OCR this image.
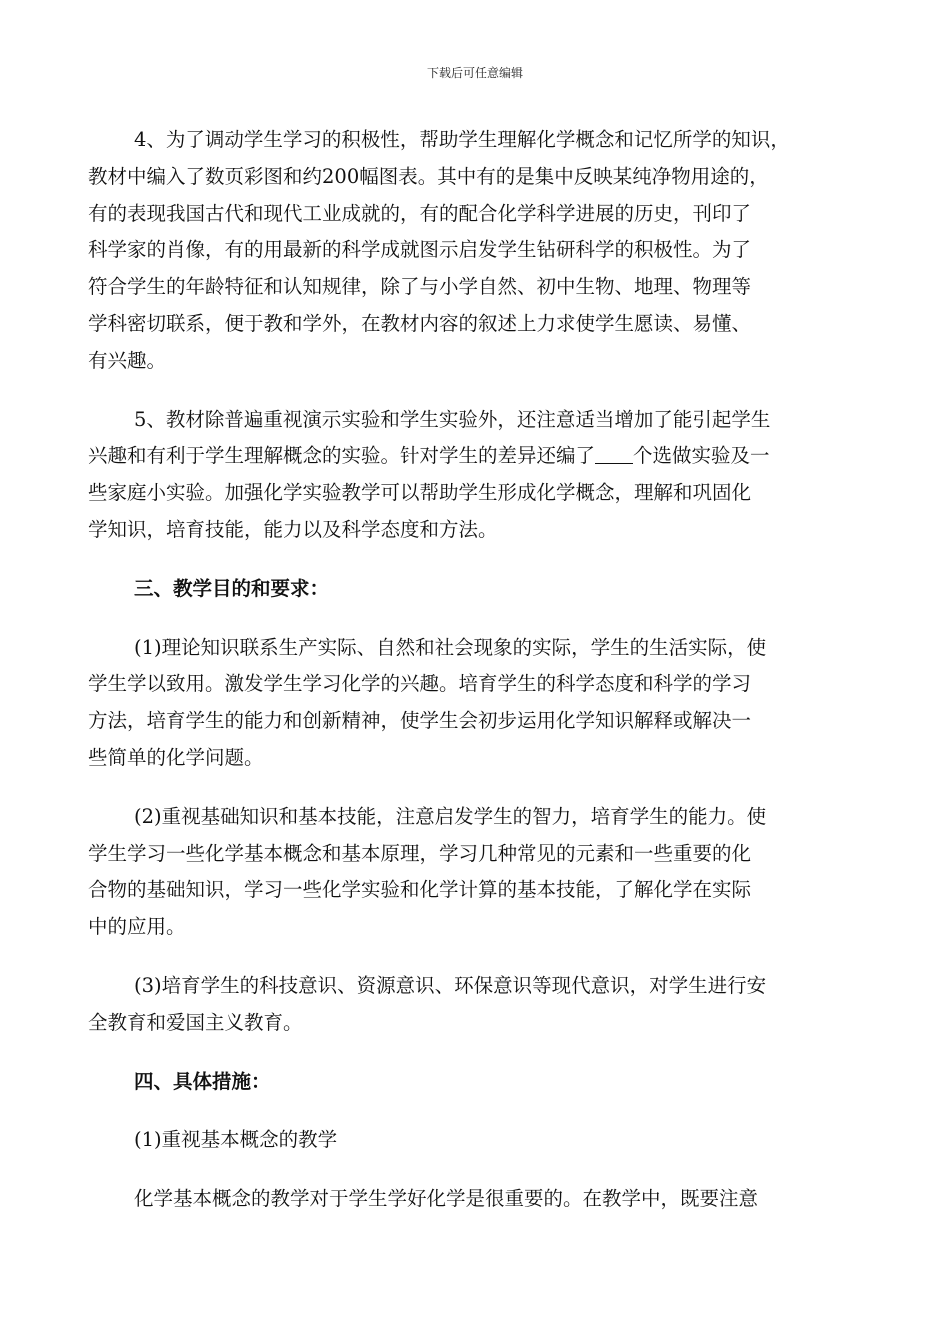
下载后可任意编辑
4、为了调动学生学习的积极性，帮助学生理解化学概念和记忆所学的知识，
教材中编入了数页彩图和约200幅图表。其中有的是集中反映某纯净物用途的，
有的表现我国古代和现代工业成就的，有的配合化学科学进展的历史，刊印了
科学家的肖像，有的用最新的科学成就图示启发学生钻研科学的积极性。为了
符合学生的年龄特征和认知规律，除了与小学自然、初中生物、地理、物理等
学科密切联系，便于教和学外，在教材内容的叙述上力求使学生愿读、易懂、
有兴趣。
5、教材除普遍重视演示实验和学生实验外，还注意适当增加了能引起学生
兴趣和有利于学生理解概念的实验。针对学生的差异还编了 个选做实验及一
些家庭小实验。加强化学实验教学可以帮助学生形成化学概念，理解和巩固化
学知识，培育技能，能力以及科学态度和方法。
三、教学目的和要求：
(1)理论知识联系生产实际、自然和社会现象的实际，学生的生活实际，使
学生学以致用。激发学生学习化学的兴趣。培育学生的科学态度和科学的学习
方法，培育学生的能力和创新精神，使学生会初步运用化学知识解释或解决一
些简单的化学问题。
(2)重视基础知识和基本技能，注意启发学生的智力，培育学生的能力。使
学生学习一些化学基本概念和基本原理，学习几种常见的元素和一些重要的化
合物的基础知识，学习一些化学实验和化学计算的基本技能，了解化学在实际
中的应用。
(3)培育学生的科技意识、资源意识、环保意识等现代意识，对学生进行安
全教育和爱国主义教育。
四、具体措施：
(1)重视基本概念的教学
化学基本概念的教学对于学生学好化学是很重要的。在教学中，既要注意
